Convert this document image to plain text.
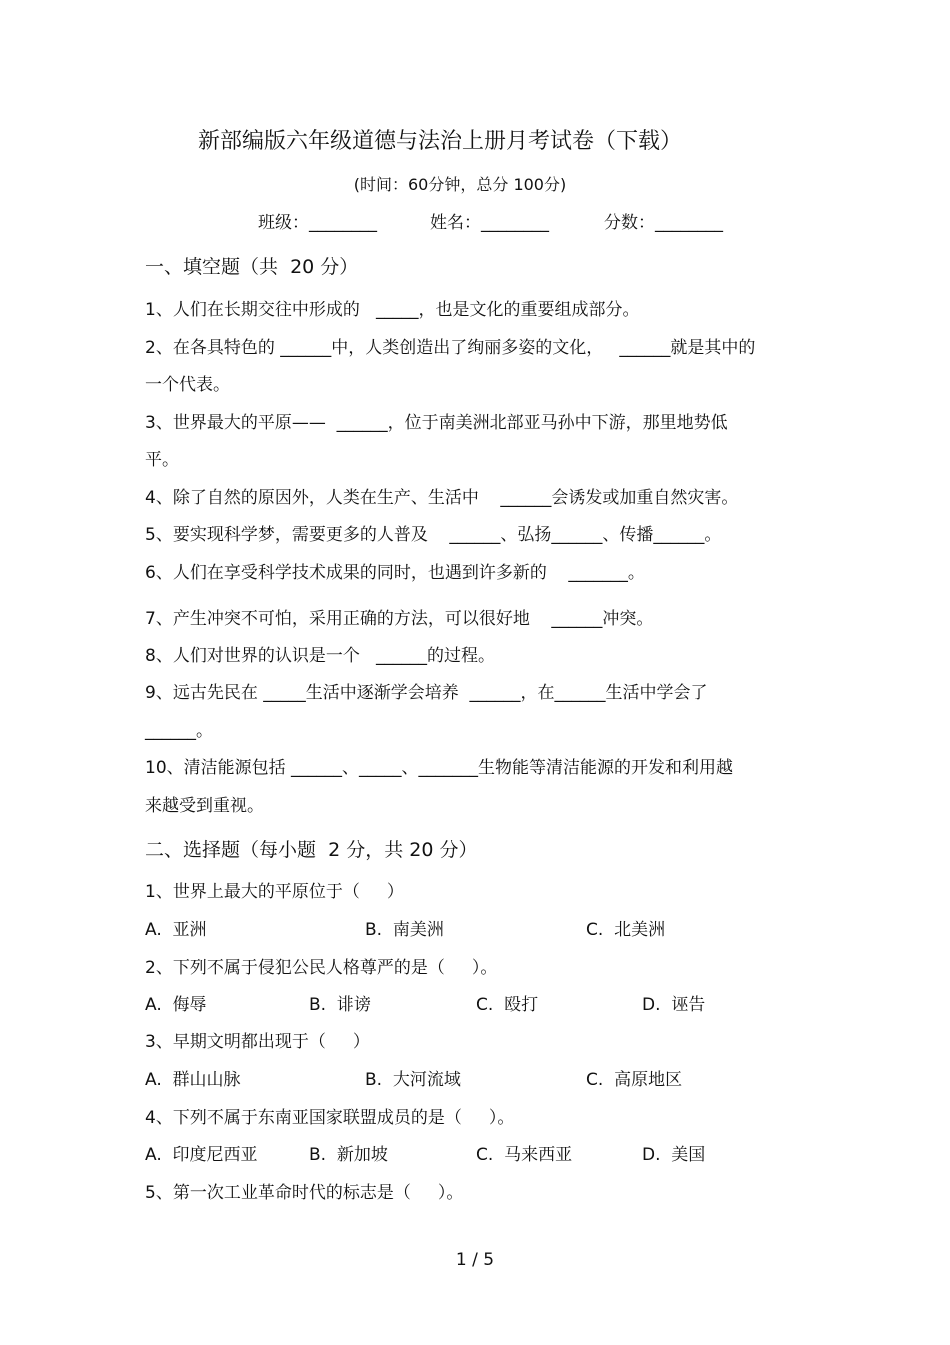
新部编版六年级道德与法治上册月考试卷（下载）
(时间：60分钟，总分 100分)
班级：________	姓名：________	分数：________
一、填空题（共  20 分）
1、人们在长期交往中形成的   _____，也是文化的重要组成部分。
2、在各具特色的 ______中，人类创造出了绚丽多姿的文化，   ______就是其中的
一个代表。
3、世界最大的平原——  ______，位于南美洲北部亚马孙中下游，那里地势低
平。
4、除了自然的原因外，人类在生产、生活中    ______会诱发或加重自然灾害。
5、要实现科学梦，需要更多的人普及    ______、弘扬______、传播______。
6、人们在享受科学技术成果的同时，也遇到许多新的    _______。
7、产生冲突不可怕，采用正确的方法，可以很好地    ______冲突。
8、人们对世界的认识是一个   ______的过程。
9、远古先民在 _____生活中逐渐学会培养  ______，在______生活中学会了
______。
10、清洁能源包括 ______、_____、_______生物能等清洁能源的开发和利用越
来越受到重视。
二、选择题（每小题  2 分，共 20 分）
1、世界上最大的平原位于（     ）
A.  亚洲	B.  南美洲	C.  北美洲
2、下列不属于侵犯公民人格尊严的是（     ）。
A.  侮辱	B.  诽谤	C.  殴打	D.  诬告
3、早期文明都出现于（     ）
A.  群山山脉	B.  大河流域	C.  高原地区
4、下列不属于东南亚国家联盟成员的是（     ）。
A.  印度尼西亚	B.  新加坡	C.  马来西亚	D.  美国
5、第一次工业革命时代的标志是（     ）。
1 / 5
